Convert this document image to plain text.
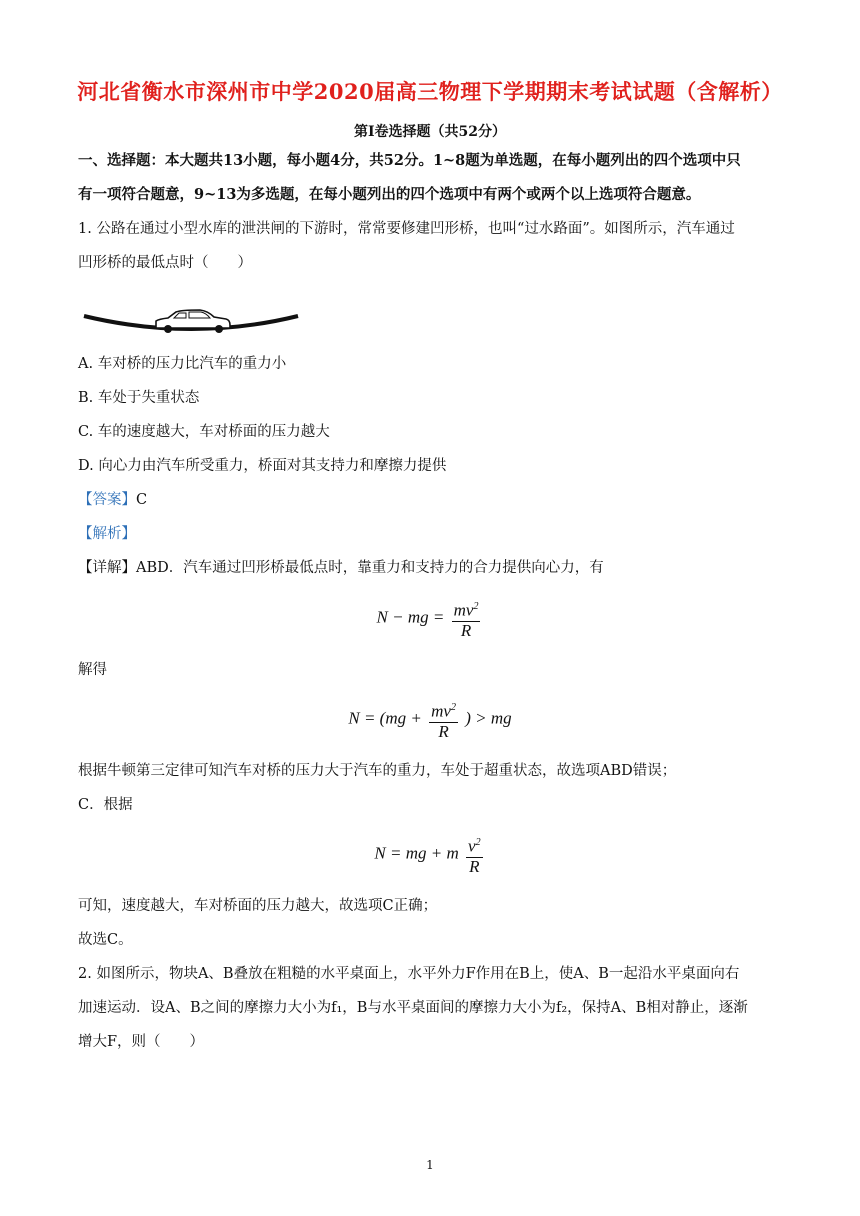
河北省衡水市深州市中学2020届高三物理下学期期末考试试题（含解析）
第Ⅰ卷选择题（共52分）
一、选择题：本大题共13小题，每小题4分，共52分。1~8题为单选题，在每小题列出的四个选项中只
有一项符合题意，9~13为多选题，在每小题列出的四个选项中有两个或两个以上选项符合题意。
1. 公路在通过小型水库的泄洪闸的下游时，常常要修建凹形桥，也叫“过水路面”。如图所示，汽车通过
凹形桥的最低点时（　　）
A. 车对桥的压力比汽车的重力小
B. 车处于失重状态
C. 车的速度越大，车对桥面的压力越大
D. 向心力由汽车所受重力，桥面对其支持力和摩擦力提供
【答案】C
【解析】
【详解】ABD．汽车通过凹形桥最低点时，靠重力和支持力的合力提供向心力，有
N − mg = $\frac{mv^2}{R}$
解得
$N = (mg + \frac{mv^2}{R}$ ) > mg
根据牛顿第三定律可知汽车对桥的压力大于汽车的重力，车处于超重状态，故选项ABD错误；
C．根据
N = mg + m $\frac{v^2}{R}$
可知，速度越大，车对桥面的压力越大，故选项C正确；
故选C。
2. 如图所示，物块A、B叠放在粗糙的水平桌面上，水平外力F作用在B上，使A、B一起沿水平桌面向右
加速运动．设A、B之间的摩擦力大小为f₁，B与水平桌面间的摩擦力大小为f₂，保持A、B相对静止，逐渐
增大F，则（　　）
1
